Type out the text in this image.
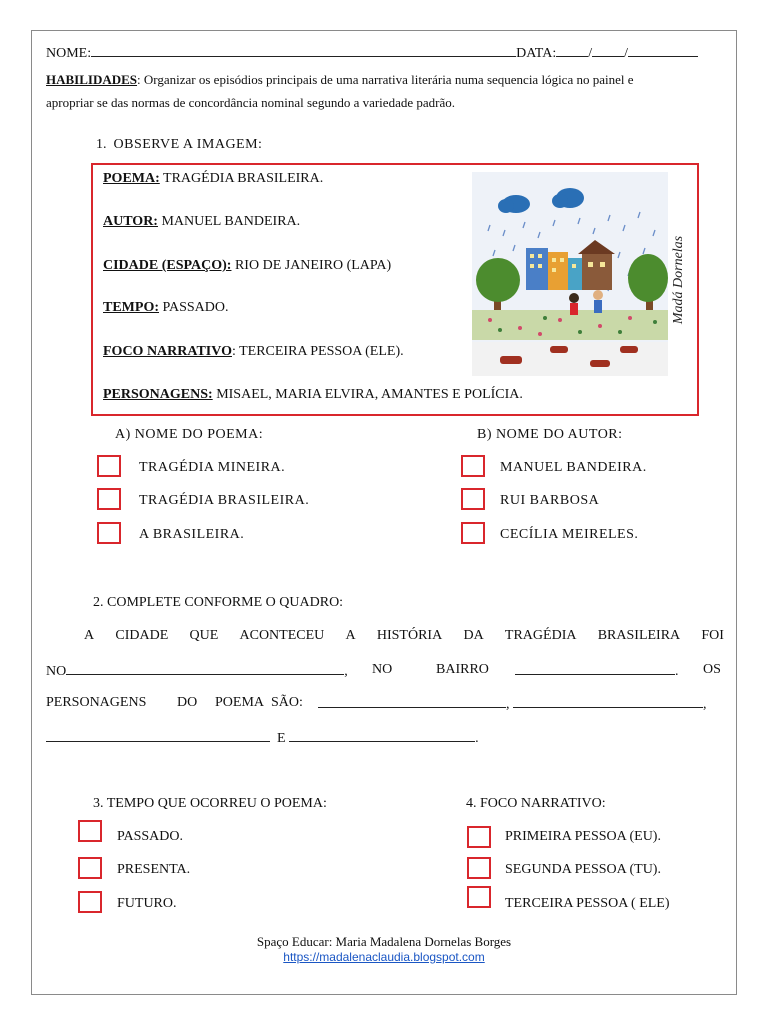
NOME:	DATA: / /
HABILIDADES: Organizar os episódios principais de uma narrativa literária numa sequencia lógica no painel e
apropriar se das normas de concordância nominal segundo a variedade padrão.
1. OBSERVE A IMAGEM:
POEMA: TRAGÉDIA BRASILEIRA.
AUTOR: MANUEL BANDEIRA.
CIDADE (ESPAÇO): RIO DE JANEIRO (LAPA)
TEMPO: PASSADO.
FOCO NARRATIVO: TERCEIRA PESSOA (ELE).
PERSONAGENS: MISAEL, MARIA ELVIRA, AMANTES E POLÍCIA.
Madá Dornelas
A) NOME DO POEMA:	B) NOME DO AUTOR:
TRAGÉDIA MINEIRA.
TRAGÉDIA BRASILEIRA.
A BRASILEIRA.
MANUEL BANDEIRA.
RUI BARBOSA
CECÍLIA MEIRELES.
2. COMPLETE CONFORME O QUADRO:
A CIDADE QUE ACONTECEU A HISTÓRIA DA TRAGÉDIA BRASILEIRA FOI
NO	, NO	BAIRRO	. OS
PERSONAGENS DO POEMA SÃO:	,	,
E	.
3. TEMPO QUE OCORREU O POEMA:	4. FOCO NARRATIVO:
PASSADO.
PRESENTA.
FUTURO.
PRIMEIRA PESSOA (EU).
SEGUNDA PESSOA (TU).
TERCEIRA PESSOA ( ELE)
Spaço Educar: Maria Madalena Dornelas Borges
https://madalenaclaudia.blogspot.com
